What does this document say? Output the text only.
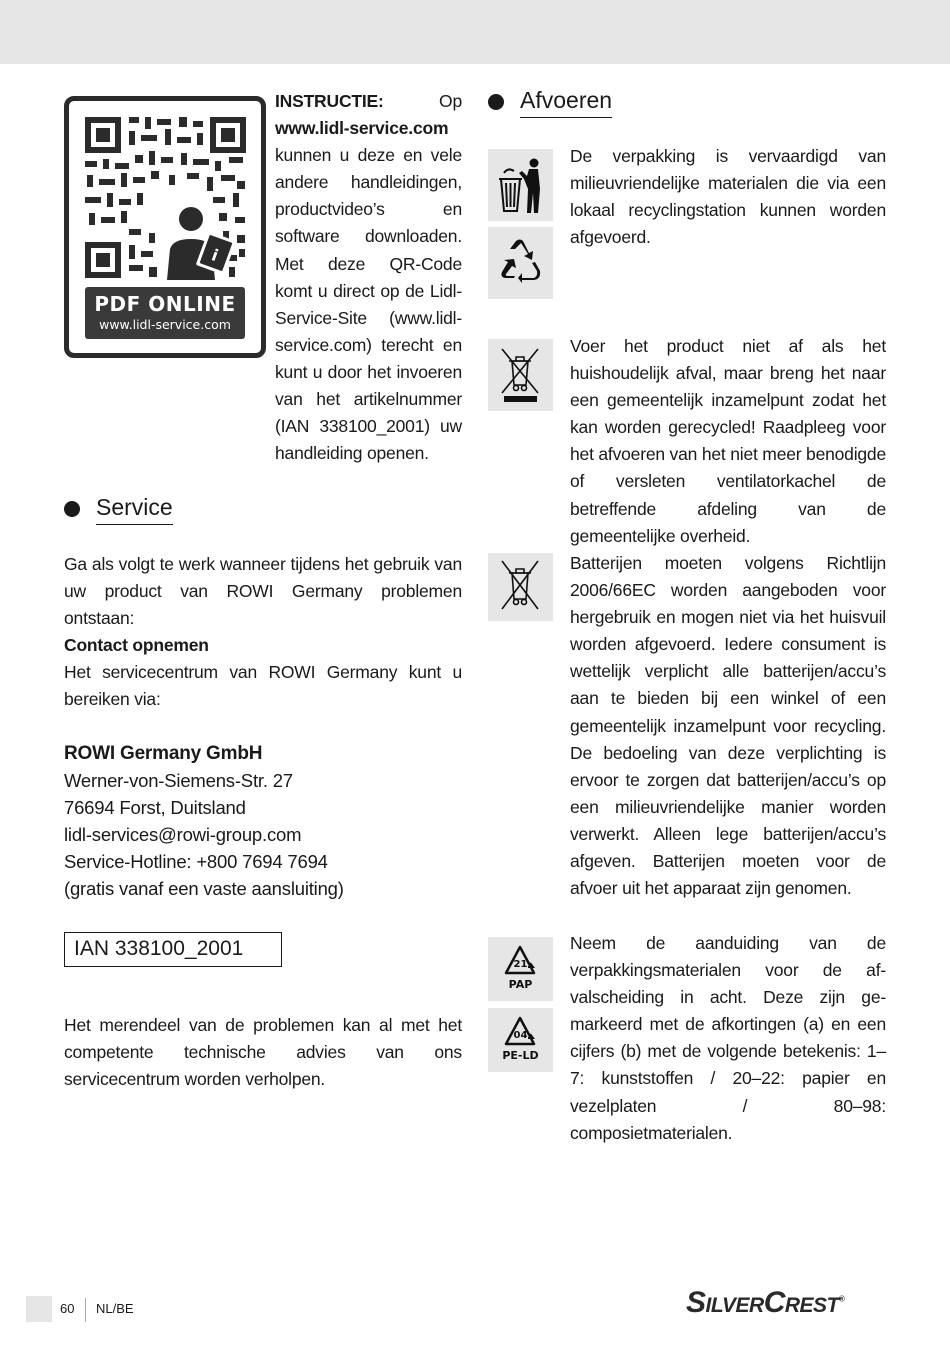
i
PDF ONLINE
www.lidl-service.com
INSTRUCTIE:	Op
www.lidl-service.com
kunnen u deze en vele andere handleidingen, productvideo’s en software downloaden. Met deze QR-Code komt u direct op de Lidl-Service-Site (www.lidl-service.com) terecht en kunt u door het invoeren van het artikelnummer (IAN 338100_2001) uw handleiding openen.
Service
Ga als volgt te werk wanneer tijdens het gebruik van uw product van ROWI Germany problemen ontstaan:
Contact opnemen
Het servicecentrum van ROWI Germany kunt u bereiken via:
ROWI Germany GmbH
Werner-von-Siemens-Str. 27
76694 Forst, Duitsland
lidl-services@rowi-group.com
Service-Hotline: +800 7694 7694
(gratis vanaf een vaste aansluiting)
IAN 338100_2001
Het merendeel van de problemen kan al met het competente technische advies van ons servicecentrum worden verholpen.
Afvoeren
21
PAP
04
PE-LD
De verpakking is vervaardigd van milieuvriendelijke materialen die via een lokaal recyclingstation kunnen worden afgevoerd.
Voer het product niet af als het huishoudelijk afval, maar breng het naar een gemeentelijk inzamelpunt zodat het kan worden gerecycled! Raadpleeg voor het afvoeren van het niet meer benodigde of versleten ventilatorkachel de betreffende afdeling van de gemeentelijke overheid.
Batterijen moeten volgens Richtlijn 2006/66EC worden aangeboden voor hergebruik en mogen niet via het huisvuil worden afgevoerd. Iedere consument is wettelijk verplicht alle batterijen/accu’s aan te bieden bij een winkel of een gemeentelijk inzamelpunt voor recycling. De bedoeling van deze verplichting is ervoor te zorgen dat batterijen/accu’s op een milieuvriendelijke manier worden verwerkt. Alleen lege batterijen/accu’s afgeven. Batterijen moeten voor de afvoer uit het apparaat zijn genomen.
Neem de aanduiding van de verpakkingsmaterialen voor de af- valscheiding in acht. Deze zijn ge- markeerd met de afkortingen (a) en een cijfers (b) met de volgende betekenis: 1–7: kunststoffen / 20–22: papier en vezelplaten / 80–98: composietmaterialen.
60 NL/BE	SILVERCREST®
